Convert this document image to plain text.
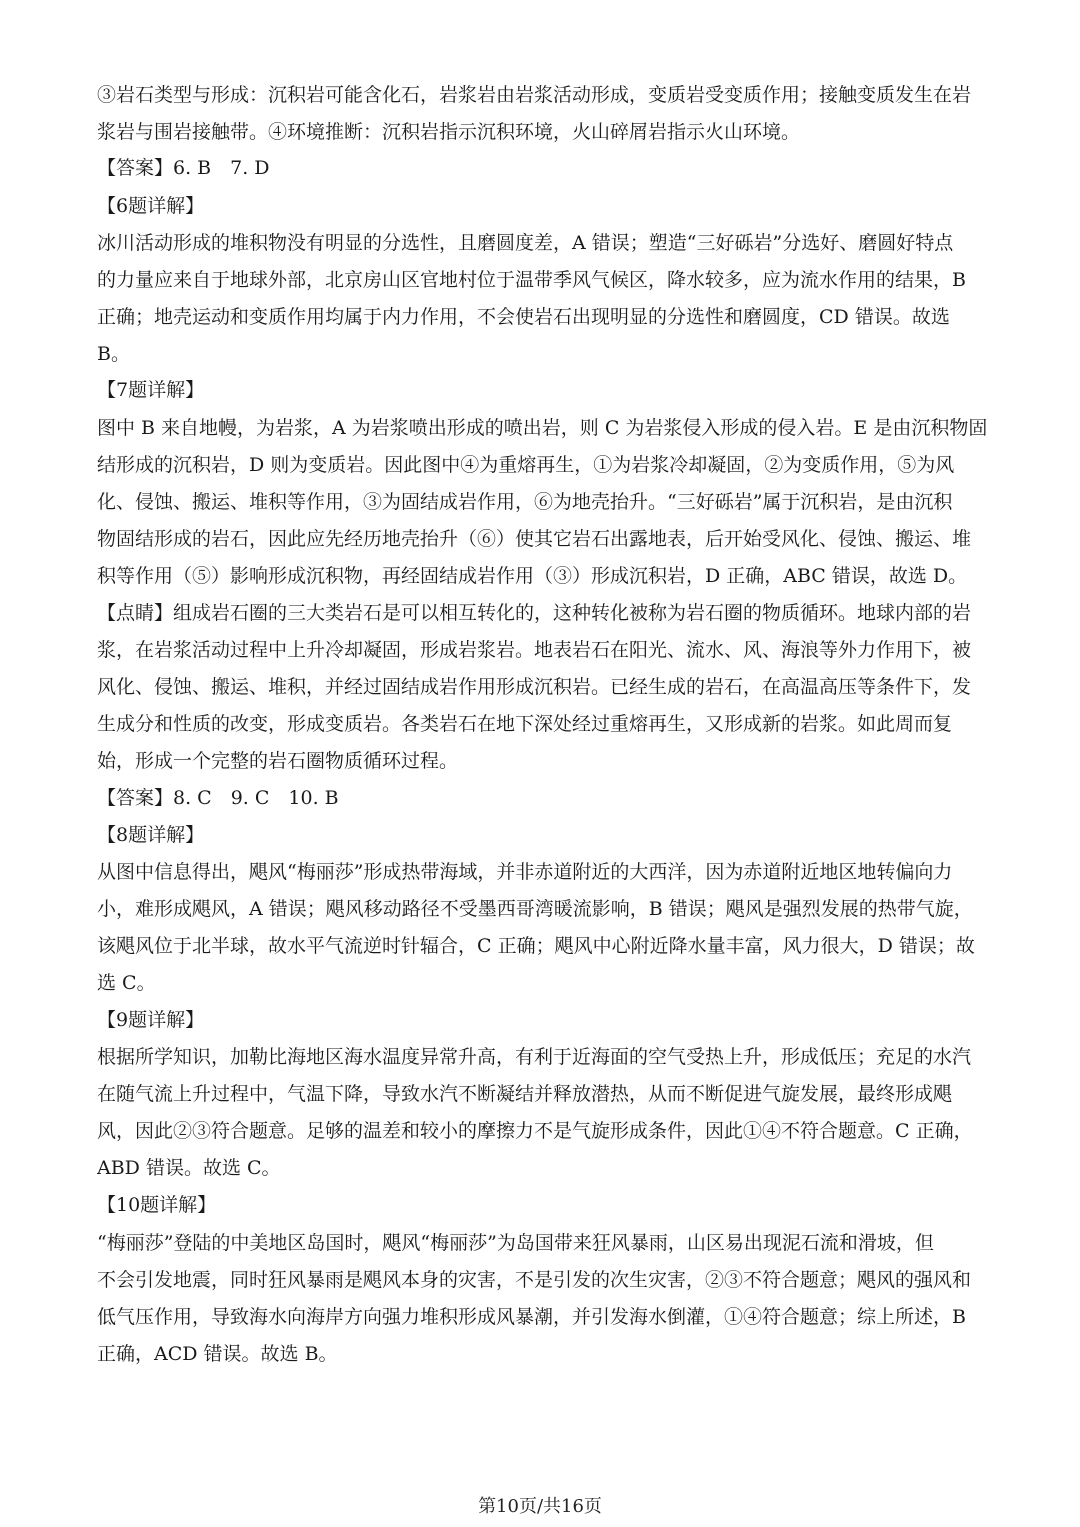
③岩石类型与形成：沉积岩可能含化石，岩浆岩由岩浆活动形成，变质岩受变质作用；接触变质发生在岩
浆岩与围岩接触带。④环境推断：沉积岩指示沉积环境，火山碎屑岩指示火山环境。
【答案】6. B　7. D
【6题详解】
冰川活动形成的堆积物没有明显的分选性，且磨圆度差，A 错误；塑造“三好砾岩”分选好、磨圆好特点
的力量应来自于地球外部，北京房山区官地村位于温带季风气候区，降水较多，应为流水作用的结果，B
正确；地壳运动和变质作用均属于内力作用，不会使岩石出现明显的分选性和磨圆度，CD 错误。故选
B。
【7题详解】
图中 B 来自地幔，为岩浆，A 为岩浆喷出形成的喷出岩，则 C 为岩浆侵入形成的侵入岩。E 是由沉积物固
结形成的沉积岩，D 则为变质岩。因此图中④为重熔再生，①为岩浆冷却凝固，②为变质作用，⑤为风
化、侵蚀、搬运、堆积等作用，③为固结成岩作用，⑥为地壳抬升。“三好砾岩”属于沉积岩，是由沉积
物固结形成的岩石，因此应先经历地壳抬升（⑥）使其它岩石出露地表，后开始受风化、侵蚀、搬运、堆
积等作用（⑤）影响形成沉积物，再经固结成岩作用（③）形成沉积岩，D 正确，ABC 错误，故选 D。
【点睛】组成岩石圈的三大类岩石是可以相互转化的，这种转化被称为岩石圈的物质循环。地球内部的岩
浆，在岩浆活动过程中上升冷却凝固，形成岩浆岩。地表岩石在阳光、流水、风、海浪等外力作用下，被
风化、侵蚀、搬运、堆积，并经过固结成岩作用形成沉积岩。已经生成的岩石，在高温高压等条件下，发
生成分和性质的改变，形成变质岩。各类岩石在地下深处经过重熔再生，又形成新的岩浆。如此周而复
始，形成一个完整的岩石圈物质循环过程。
【答案】8. C　9. C　10. B
【8题详解】
从图中信息得出，飓风“梅丽莎”形成热带海域，并非赤道附近的大西洋，因为赤道附近地区地转偏向力
小，难形成飓风，A 错误；飓风移动路径不受墨西哥湾暖流影响，B 错误；飓风是强烈发展的热带气旋，
该飓风位于北半球，故水平气流逆时针辐合，C 正确；飓风中心附近降水量丰富，风力很大，D 错误；故
选 C。
【9题详解】
根据所学知识，加勒比海地区海水温度异常升高，有利于近海面的空气受热上升，形成低压；充足的水汽
在随气流上升过程中，气温下降，导致水汽不断凝结并释放潜热，从而不断促进气旋发展，最终形成飓
风，因此②③符合题意。足够的温差和较小的摩擦力不是气旋形成条件，因此①④不符合题意。C 正确，
ABD 错误。故选 C。
【10题详解】
“梅丽莎”登陆的中美地区岛国时，飓风“梅丽莎”为岛国带来狂风暴雨，山区易出现泥石流和滑坡，但
不会引发地震，同时狂风暴雨是飓风本身的灾害，不是引发的次生灾害，②③不符合题意；飓风的强风和
低气压作用，导致海水向海岸方向强力堆积形成风暴潮，并引发海水倒灌，①④符合题意；综上所述，B
正确，ACD 错误。故选 B。
第10页/共16页
